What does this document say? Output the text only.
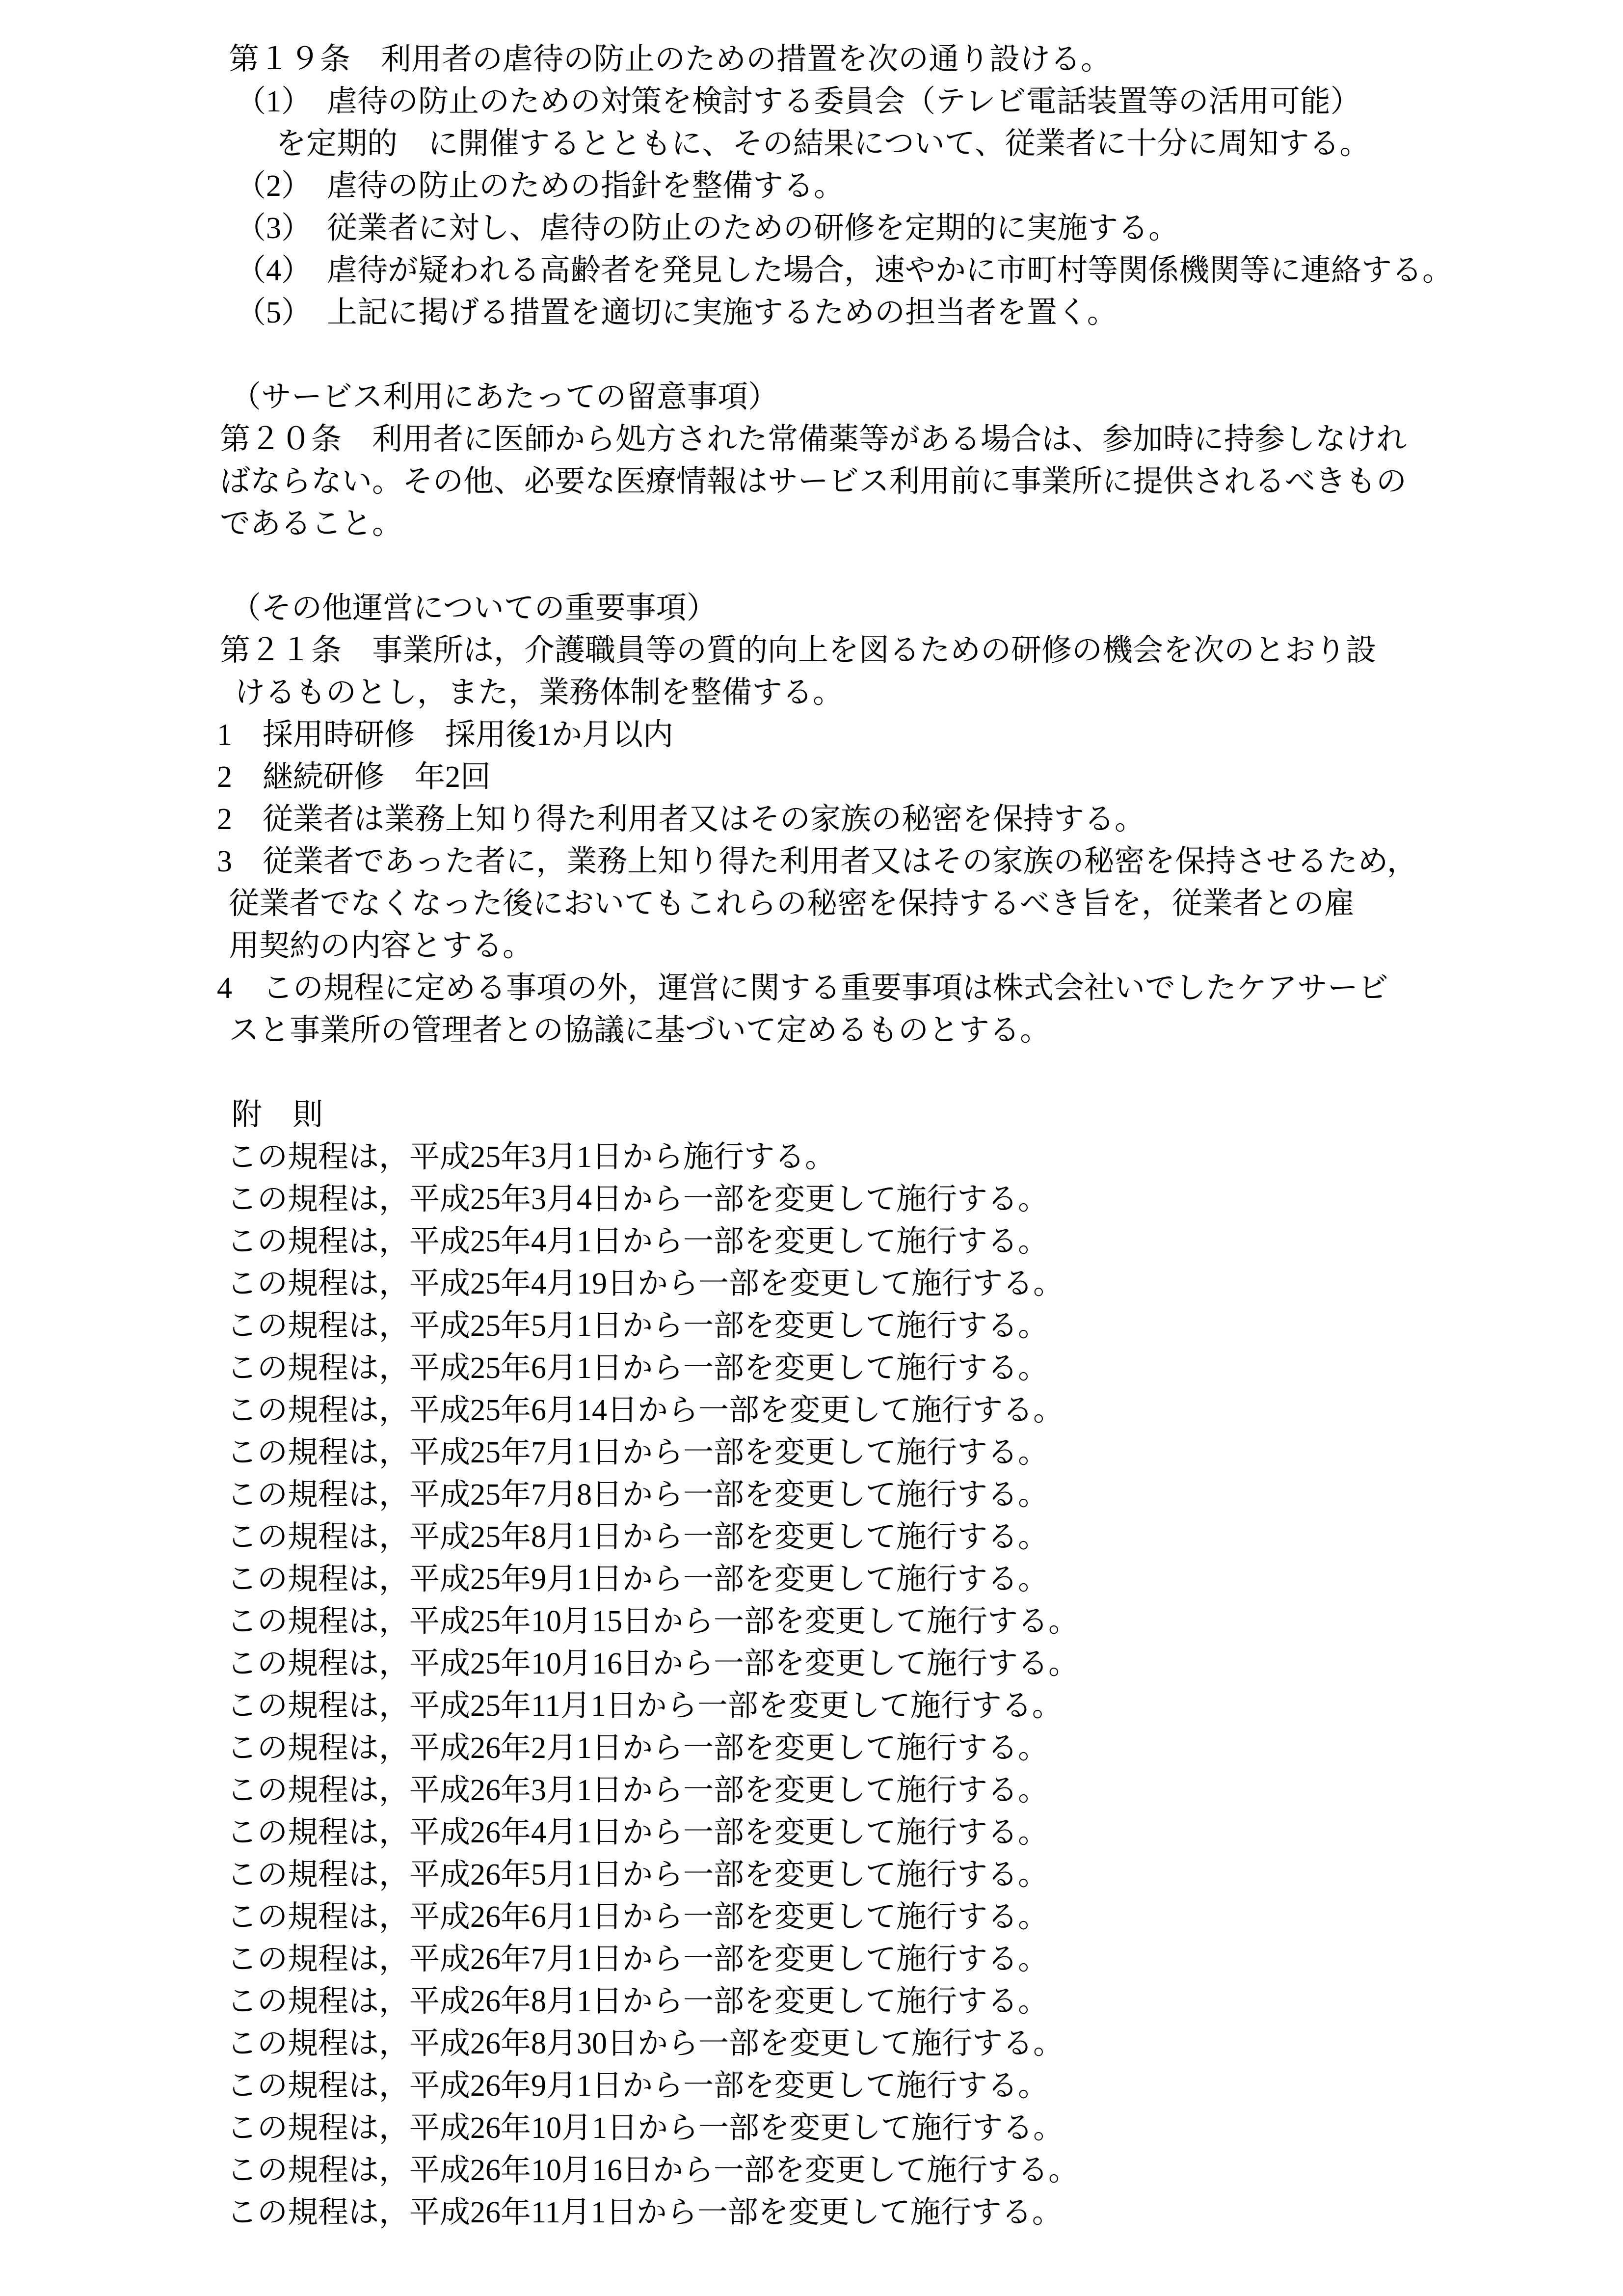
第１９条　利用者の虐待の防止のための措置を次の通り設ける。
（1）　虐待の防止のための対策を検討する委員会（テレビ電話装置等の活用可能）
を定期的　に開催するとともに、その結果について、従業者に十分に周知する。
（2）　虐待の防止のための指針を整備する。
（3）　従業者に対し、虐待の防止のための研修を定期的に実施する。
（4）　虐待が疑われる高齢者を発見した場合，速やかに市町村等関係機関等に連絡する。
（5）　上記に掲げる措置を適切に実施するための担当者を置く。
（サービス利用にあたっての留意事項）
第２０条　利用者に医師から処方された常備薬等がある場合は、参加時に持参しなけれ
ばならない。その他、必要な医療情報はサービス利用前に事業所に提供されるべきもの
であること。
（その他運営についての重要事項）
第２１条　事業所は，介護職員等の質的向上を図るための研修の機会を次のとおり設
けるものとし，また，業務体制を整備する。
1　採用時研修　採用後1か月以内
2　継続研修　年2回
2　従業者は業務上知り得た利用者又はその家族の秘密を保持する。
3　従業者であった者に，業務上知り得た利用者又はその家族の秘密を保持させるため，
従業者でなくなった後においてもこれらの秘密を保持するべき旨を，従業者との雇
用契約の内容とする。
4　この規程に定める事項の外，運営に関する重要事項は株式会社いでしたケアサービ
スと事業所の管理者との協議に基づいて定めるものとする。
附　則
この規程は，平成25年3月1日から施行する。
この規程は，平成25年3月4日から一部を変更して施行する。
この規程は，平成25年4月1日から一部を変更して施行する。
この規程は，平成25年4月19日から一部を変更して施行する。
この規程は，平成25年5月1日から一部を変更して施行する。
この規程は，平成25年6月1日から一部を変更して施行する。
この規程は，平成25年6月14日から一部を変更して施行する。
この規程は，平成25年7月1日から一部を変更して施行する。
この規程は，平成25年7月8日から一部を変更して施行する。
この規程は，平成25年8月1日から一部を変更して施行する。
この規程は，平成25年9月1日から一部を変更して施行する。
この規程は，平成25年10月15日から一部を変更して施行する。
この規程は，平成25年10月16日から一部を変更して施行する。
この規程は，平成25年11月1日から一部を変更して施行する。
この規程は，平成26年2月1日から一部を変更して施行する。
この規程は，平成26年3月1日から一部を変更して施行する。
この規程は，平成26年4月1日から一部を変更して施行する。
この規程は，平成26年5月1日から一部を変更して施行する。
この規程は，平成26年6月1日から一部を変更して施行する。
この規程は，平成26年7月1日から一部を変更して施行する。
この規程は，平成26年8月1日から一部を変更して施行する。
この規程は，平成26年8月30日から一部を変更して施行する。
この規程は，平成26年9月1日から一部を変更して施行する。
この規程は，平成26年10月1日から一部を変更して施行する。
この規程は，平成26年10月16日から一部を変更して施行する。
この規程は，平成26年11月1日から一部を変更して施行する。
